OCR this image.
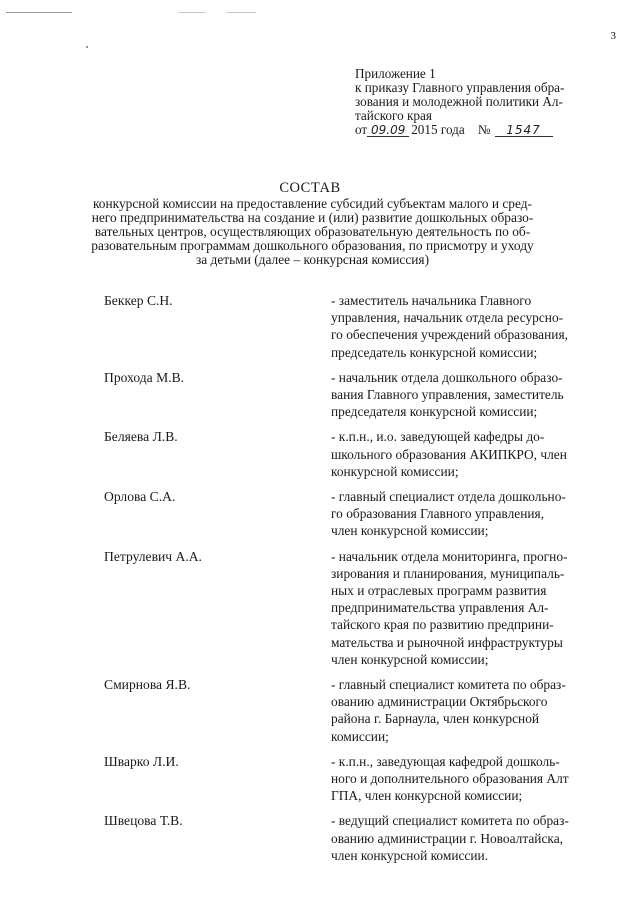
3
Приложение 1
к приказу Главного управления обра-
зования и молодежной политики Ал-
тайского края
от 09.09 2015 года № 1547
СОСТАВ
конкурсной комиссии на предоставление субсидий субъектам малого и сред-
него предпринимательства на создание и (или) развитие дошкольных образо-
вательных центров, осуществляющих образовательную деятельность по об-
разовательным программам дошкольного образования, по присмотру и уходу
за детьми (далее – конкурсная комиссия)
Беккер С.Н.	- заместитель начальника Главного
управления, начальник отдела ресурсно-
го обеспечения учреждений образования,
председатель конкурсной комиссии;
Прохода М.В.	- начальник отдела дошкольного образо-
вания Главного управления, заместитель
председателя конкурсной комиссии;
Беляева Л.В.	- к.п.н., и.о. заведующей кафедры до-
школьного образования АКИПКРО, член
конкурсной комиссии;
Орлова С.А.	- главный специалист отдела дошкольно-
го образования Главного управления,
член конкурсной комиссии;
Петрулевич А.А.	- начальник отдела мониторинга, прогно-
зирования и планирования, муниципаль-
ных и отраслевых программ развития
предпринимательства управления Ал-
тайского края по развитию предприни-
мательства и рыночной инфраструктуры
член конкурсной комиссии;
Смирнова Я.В.	- главный специалист комитета по образ-
ованию администрации Октябрьского
района г. Барнаула, член конкурсной
комиссии;
Шварко Л.И.	- к.п.н., заведующая кафедрой дошколь-
ного и дополнительного образования Алт
ГПА, член конкурсной комиссии;
Швецова Т.В.	- ведущий специалист комитета по образ-
ованию администрации г. Новоалтайска,
член конкурсной комиссии.
